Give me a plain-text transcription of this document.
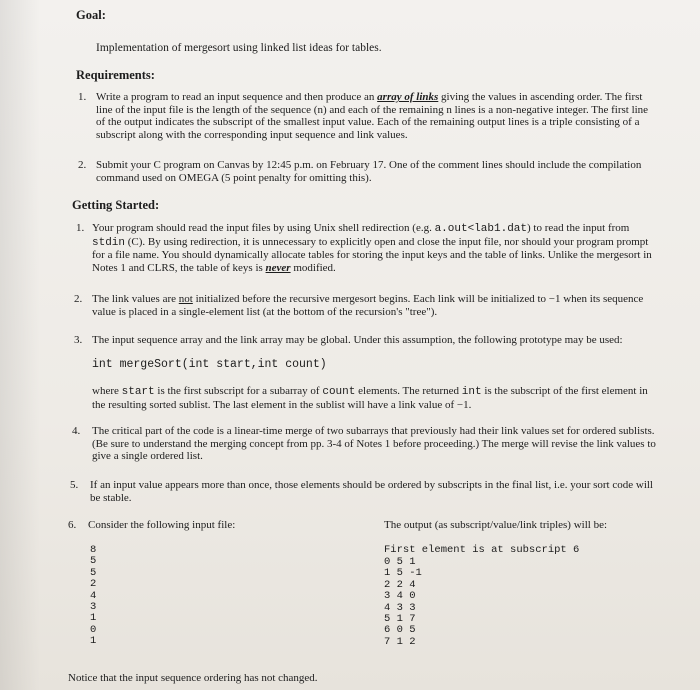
Goal:
Implementation of mergesort using linked list ideas for tables.
Requirements:
1. Write a program to read an input sequence and then produce an array of links giving the values in ascending order. The first line of the input file is the length of the sequence (n) and each of the remaining n lines is a non-negative integer. The first line of the output indicates the subscript of the smallest input value. Each of the remaining output lines is a triple consisting of a subscript along with the corresponding input sequence and link values.
2. Submit your C program on Canvas by 12:45 p.m. on February 17. One of the comment lines should include the compilation command used on OMEGA (5 point penalty for omitting this).
Getting Started:
1. Your program should read the input files by using Unix shell redirection (e.g. a.out<lab1.dat) to read the input from stdin (C). By using redirection, it is unnecessary to explicitly open and close the input file, nor should your program prompt for a file name. You should dynamically allocate tables for storing the input keys and the table of links. Unlike the mergesort in Notes 1 and CLRS, the table of keys is never modified.
2. The link values are not initialized before the recursive mergesort begins. Each link will be initialized to −1 when its sequence value is placed in a single-element list (at the bottom of the recursion's "tree").
3. The input sequence array and the link array may be global. Under this assumption, the following prototype may be used:
int mergeSort(int start,int count)
where start is the first subscript for a subarray of count elements. The returned int is the subscript of the first element in the resulting sorted sublist. The last element in the sublist will have a link value of −1.
4. The critical part of the code is a linear-time merge of two subarrays that previously had their link values set for ordered sublists. (Be sure to understand the merging concept from pp. 3-4 of Notes 1 before proceeding.) The merge will revise the link values to give a single ordered list.
5. If an input value appears more than once, those elements should be ordered by subscripts in the final list, i.e. your sort code will be stable.
6. Consider the following input file:	The output (as subscript/value/link triples) will be:
8
5
5
2
4
3
1
0
1
First element is at subscript 6
0 5 1
1 5 -1
2 2 4
3 4 0
4 3 3
5 1 7
6 0 5
7 1 2
Notice that the input sequence ordering has not changed.
